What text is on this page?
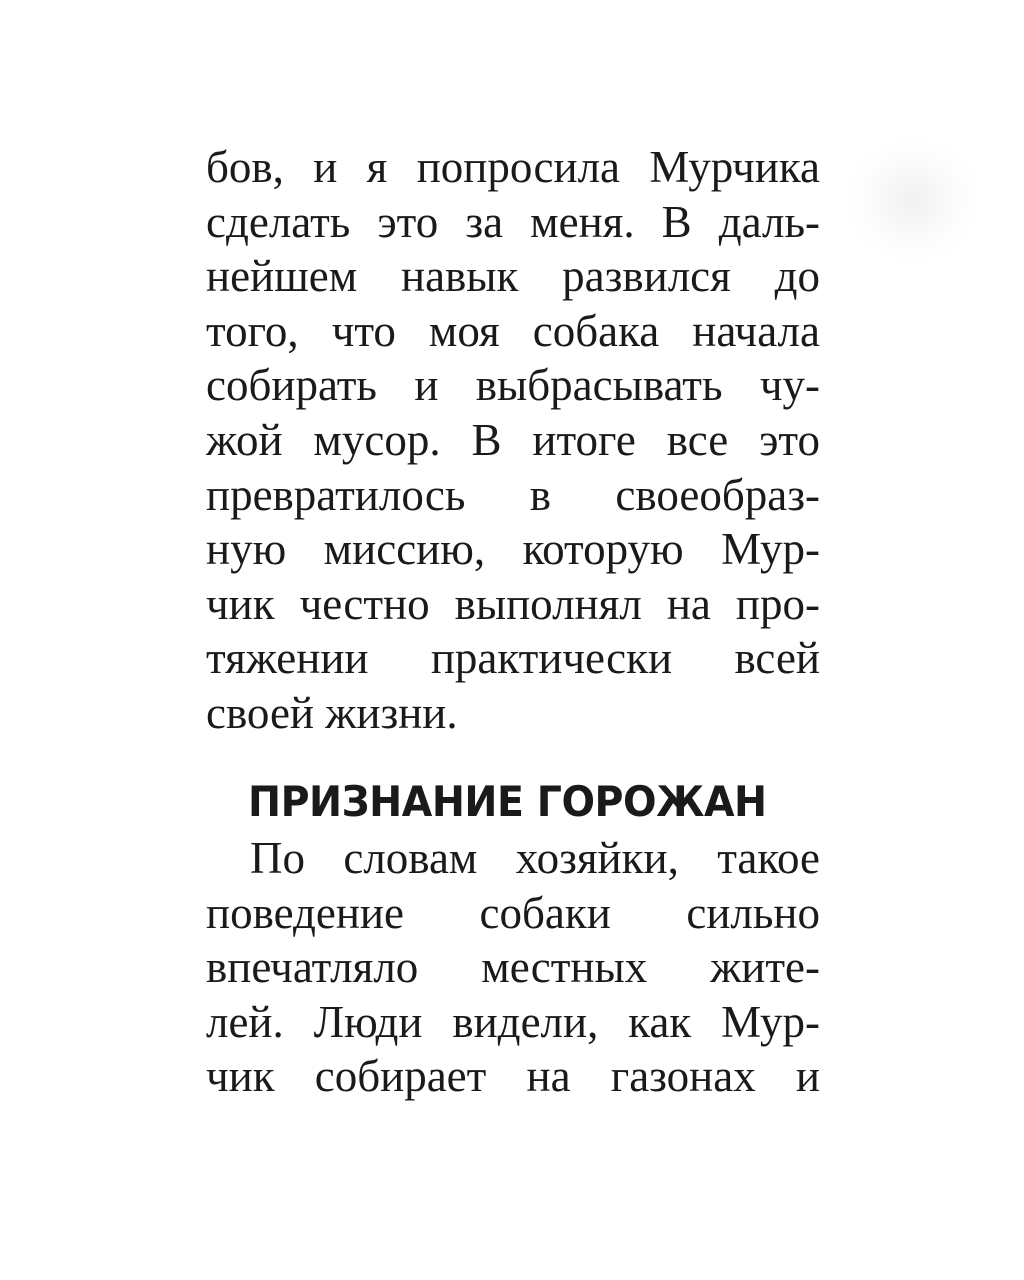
бов, и я попросила Мурчика
сделать это за меня. В даль-
нейшем навык развился до
того, что моя собака начала
собирать и выбрасывать чу-
жой мусор. В итоге все это
превратилось в своеобраз-
ную миссию, которую Мур-
чик честно выполнял на про-
тяжении практически всей
своей жизни.
ПРИЗНАНИЕ ГОРОЖАН
По словам хозяйки, такое
поведение собаки сильно
впечатляло местных жите-
лей. Люди видели, как Мур-
чик собирает на газонах и
